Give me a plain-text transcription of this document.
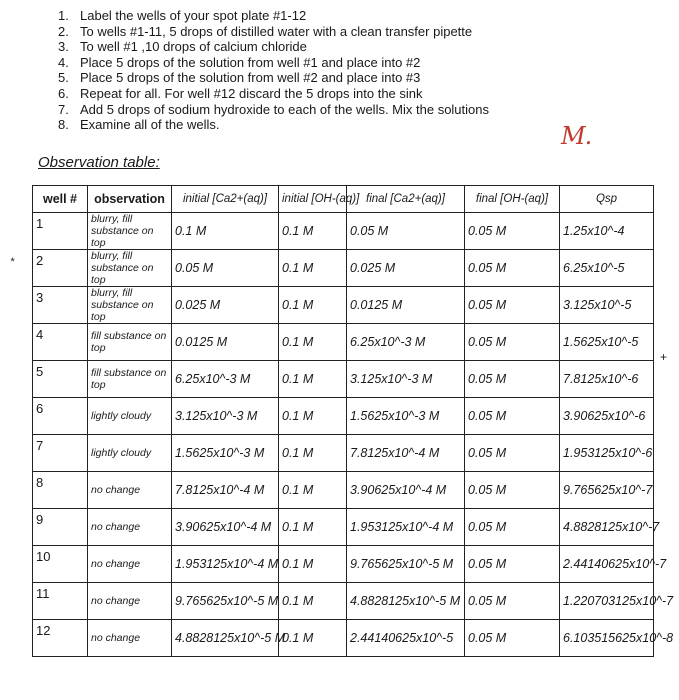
1. Label the wells of your spot plate #1-12
2. To wells #1-11, 5 drops of distilled water with a clean transfer pipette
3. To well #1 ,10 drops of calcium chloride
4. Place 5 drops of the solution from well #1 and place into #2
5. Place 5 drops of the solution from well #2 and place into #3
6. Repeat for all. For well #12 discard the 5 drops into the sink
7. Add 5 drops of sodium hydroxide to each of the wells. Mix the solutions
8. Examine all of the wells.	M.
Observation table:
*
+
well #	observation	initial [Ca2+(aq)]	initial [OH-(aq)]	final [Ca2+(aq)]	final [OH-(aq)]	Qsp
1	blurry, fill substance on top	0.1 M	0.1 M	0.05 M	0.05 M	1.25x10^-4
2	blurry, fill substance on top	0.05 M	0.1 M	0.025 M	0.05 M	6.25x10^-5
3	blurry, fill substance on top	0.025 M	0.1 M	0.0125 M	0.05 M	3.125x10^-5
4	fill substance on top	0.0125 M	0.1 M	6.25x10^-3 M	0.05 M	1.5625x10^-5
5	fill substance on top	6.25x10^-3 M	0.1 M	3.125x10^-3 M	0.05 M	7.8125x10^-6
6	lightly cloudy	3.125x10^-3 M	0.1 M	1.5625x10^-3 M	0.05 M	3.90625x10^-6
7	lightly cloudy	1.5625x10^-3 M	0.1 M	7.8125x10^-4 M	0.05 M	1.953125x10^-6
8	no change	7.8125x10^-4 M	0.1 M	3.90625x10^-4 M	0.05 M	9.765625x10^-7
9	no change	3.90625x10^-4 M	0.1 M	1.953125x10^-4 M	0.05 M	4.8828125x10^-7
10	no change	1.953125x10^-4 M	0.1 M	9.765625x10^-5 M	0.05 M	2.44140625x10^-7
11	no change	9.765625x10^-5 M	0.1 M	4.8828125x10^-5 M	0.05 M	1.220703125x10^-7
12	no change	4.8828125x10^-5 M	0.1 M	2.44140625x10^-5	0.05 M	6.103515625x10^-8
